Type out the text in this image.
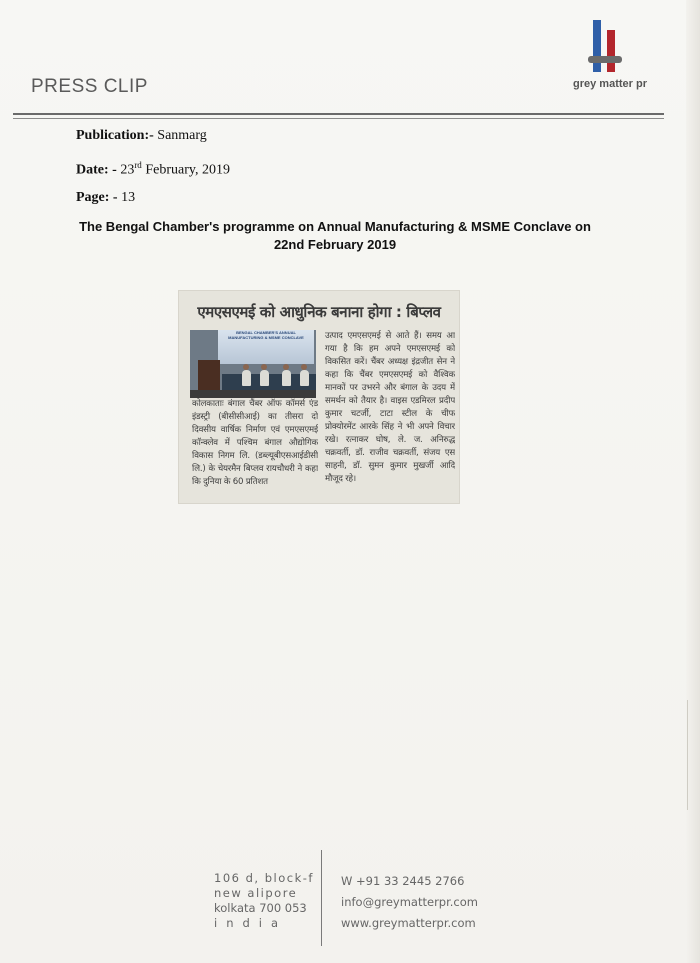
PRESS CLIP	grey matter pr
Publication:- Sanmarg
Date: - 23rd February, 2019
Page: - 13
The Bengal Chamber's programme on Annual Manufacturing & MSME Conclave on 22nd February 2019
एमएसएमई को आधुनिक बनाना होगा : बिप्लव
BENGAL CHAMBER'S ANNUAL MANUFACTURING & MSME CONCLAVE
कोलकाताः बंगाल चैंबर ऑफ कॉमर्स एंड इंडस्ट्री (बीसीसीआई) का तीसरा दो दिवसीय वार्षिक निर्माण एवं एमएसएमई कॉन्क्लेव में पश्चिम बंगाल औद्योगिक विकास निगम लि. (डब्ल्यूबीएसआईडीसी लि.) के चेयरमैन बिप्लव रायचौधरी ने कहा कि दुनिया के 60 प्रतिशत
उत्पाद एमएसएमई से आते हैं। समय आ गया है कि हम अपने एमएसएमई को विकसित करें। चैंबर अध्यक्ष इंद्रजीत सेन ने कहा कि चैंबर एमएसएमई को वैश्विक मानकों पर उभरने और बंगाल के उदय में समर्थन को तैयार है। वाइस एडमिरल प्रदीप कुमार चटर्जी, टाटा स्टील के चीफ प्रोक्योरमेंट आरके सिंह ने भी अपने विचार रखे। रत्नाकर घोष, ले. ज. अनिरुद्ध चक्रवर्ती, डॉ. राजीव चक्रवर्ती, संजय एस साहनी, डॉ. सुमन कुमार मुखर्जी आदि मौजूद रहे।
106 d, block-f
new alipore
kolkata 700 053
india
W +91 33 2445 2766
info@greymatterpr.com
www.greymatterpr.com
